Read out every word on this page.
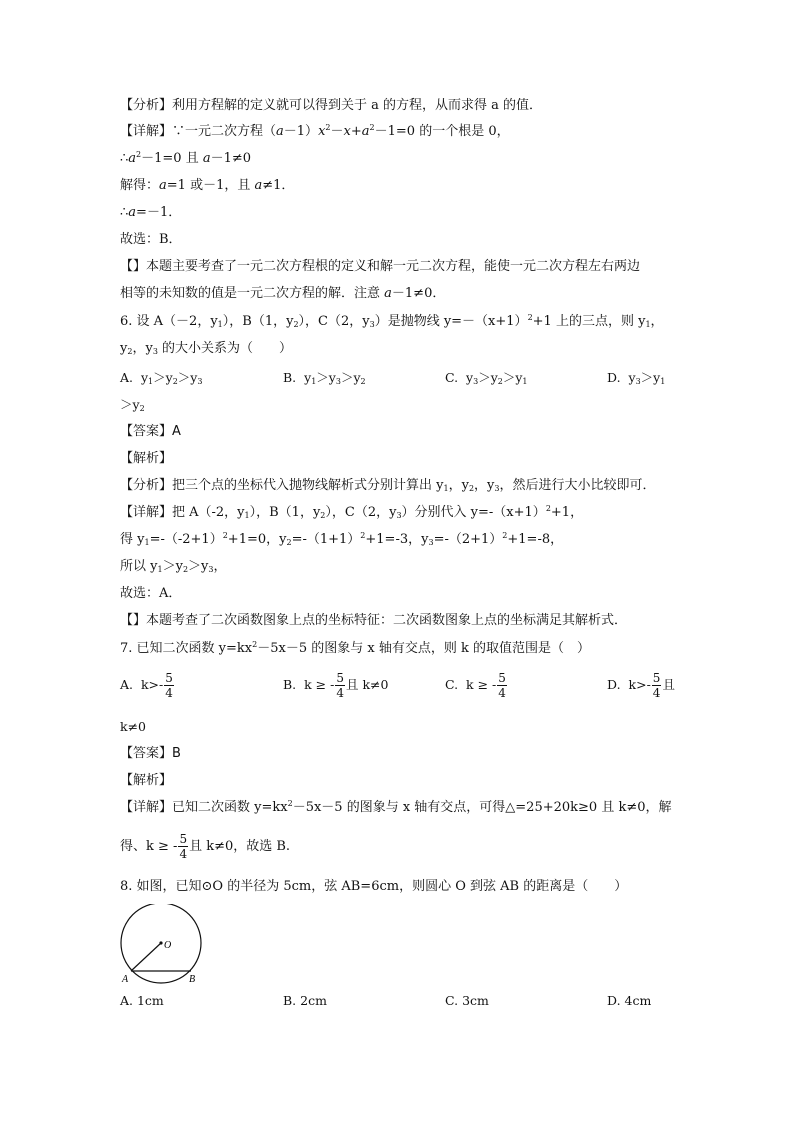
【分析】利用方程解的定义就可以得到关于 a 的方程，从而求得 a 的值．
【详解】∵一元二次方程$(a-1)x^2-x+a^2-1=0$ 的一个根是 0，
$\therefore a^2-1=0$ 且 a－1≠0
解得：a=1 或－1，且 a≠1．
∴a=－1．
故选：B．
【】本题主要考查了一元二次方程根的定义和解一元二次方程，能使一元二次方程左右两边
相等的未知数的值是一元二次方程的解．注意 a－1≠0．
6. 设 A（－2，$y_1$），B（1，$y_2$），C（2，$y_3$）是抛物线 $y=-(x+1)^2+1$ 上的三点，则 $y_1$，
$y_2$，$y_3$ 的大小关系为（　　）
A. $y_1>y_2>y_3$	B. $y_1>y_3>y_2$	C. $y_3>y_2>y_1$	D. $y_3>y_1$
$>y_2$
【答案】A
【解析】
【分析】把三个点的坐标代入抛物线解析式分别计算出 $y_1$，$y_2$，$y_3$，然后进行大小比较即可．
【详解】把 A（-2，$y_1$），B（1，$y_2$），C（2，$y_3$）分别代入 $y=-(x+1)^2+1$，
得 $y_1=-(-2+1)^2+1=0$，$y_2=-(1+1)^2+1=-3$，$y_3=-(2+1)^2+1=-8$，
所以 $y_1>y_2>y_3$，
故选：A．
【】本题考查了二次函数图象上点的坐标特征：二次函数图象上点的坐标满足其解析式．
7. 已知二次函数 $y=kx^2-5x-5$ 的图象与 x 轴有交点，则 k 的取值范围是（　）
A. $k>- \frac{5}{4}$	B. k ≥ - $\frac{5}{4}$ 且 k≠0	C. k ≥ - $\frac{5}{4}$	D. $k>- \frac{5}{4}$ 且
k≠0
【答案】B
【解析】
【详解】已知二次函数 $y=kx^2-5x-5$ 的图象与 x 轴有交点，可得△=25+20k≥0 且 k≠0，解
得、k ≥ - $\frac{5}{4}$ 且 k≠0，故选 B.
8. 如图，已知⊙O 的半径为 5cm，弦 AB=6cm，则圆心 O 到弦 AB 的距离是（　　）
O
A	B
A. 1cm	B. 2cm	C. 3cm	D. 4cm
